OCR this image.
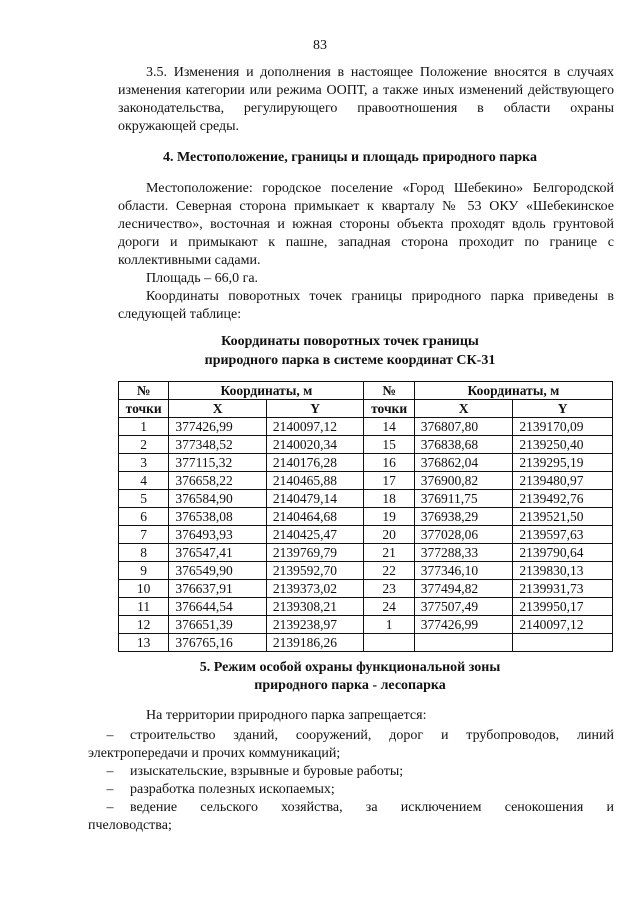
83

3.5. Изменения и дополнения в настоящее Положение вносятся в случаях изменения категории или режима ООПТ, а также иных изменений действующего законодательства, регулирующего правоотношения в области охраны окружающей среды.

4. Местоположение, границы и площадь природного парка

Местоположение: городское поселение «Город Шебекино» Белгородской области. Северная сторона примыкает к кварталу № 53 ОКУ «Шебекинское лесничество», восточная и южная стороны объекта проходят вдоль грунтовой дороги и примыкают к пашне, западная сторона проходит по границе с коллективными садами.

Площадь – 66,0 га.

Координаты поворотных точек границы природного парка приведены в следующей таблице:

Координаты поворотных точек границы
природного парка в системе координат СК-31
№	Координаты, м		№	Координаты, м	
точки	X	Y	точки	X	Y
1	377426,99	2140097,12	14	376807,80	2139170,09
2	377348,52	2140020,34	15	376838,68	2139250,40
3	377115,32	2140176,28	16	376862,04	2139295,19
4	376658,22	2140465,88	17	376900,82	2139480,97
5	376584,90	2140479,14	18	376911,75	2139492,76
6	376538,08	2140464,68	19	376938,29	2139521,50
7	376493,93	2140425,47	20	377028,06	2139597,63
8	376547,41	2139769,79	21	377288,33	2139790,64
9	376549,90	2139592,70	22	377346,10	2139830,13
10	376637,91	2139373,02	23	377494,82	2139931,73
11	376644,54	2139308,21	24	377507,49	2139950,17
12	376651,39	2139238,97	1	377426,99	2140097,12
13	376765,16	2139186,26			
5. Режим особой охраны функциональной зоны
природного парка - лесопарка

На территории природного парка запрещается:

–	строительство зданий, сооружений, дорог и трубопроводов, линий
электропередачи и прочих коммуникаций;
–	изыскательские, взрывные и буровые работы;
–	разработка полезных ископаемых;
–	ведение сельского хозяйства, за исключением сенокошения и
пчеловодства;
